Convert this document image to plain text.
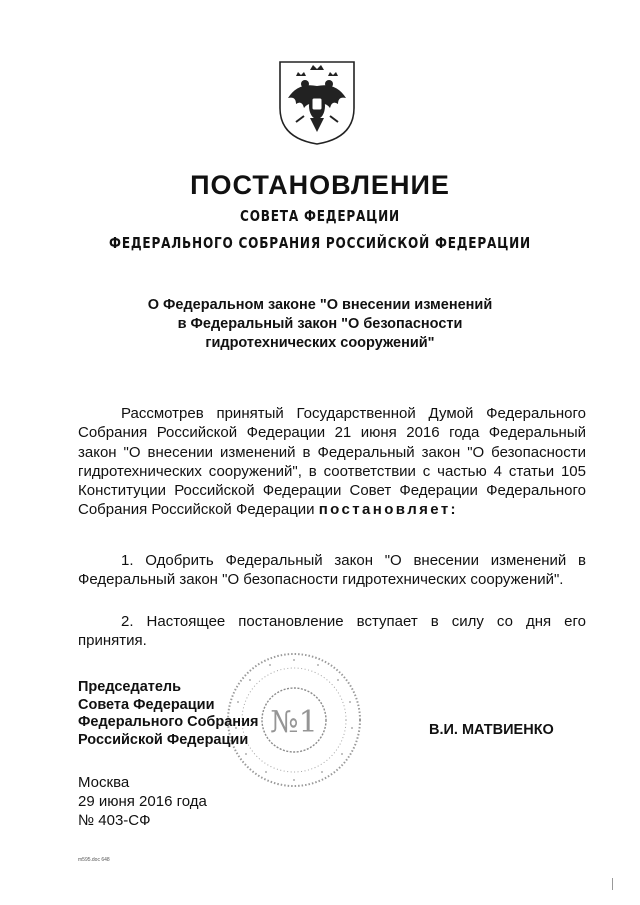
ПОСТАНОВЛЕНИЕ
СОВЕТА ФЕДЕРАЦИИ
ФЕДЕРАЛЬНОГО СОБРАНИЯ РОССИЙСКОЙ ФЕДЕРАЦИИ
О Федеральном законе "О внесении изменений
в Федеральный закон "О безопасности
гидротехнических сооружений"
Рассмотрев принятый Государственной Думой Федерального Собрания Российской Федерации 21 июня 2016 года Федеральный закон "О внесении изменений в Федеральный закон "О безопасности гидротехнических сооружений", в соответствии с частью 4 статьи 105 Конституции Российской Федерации Совет Федерации Федерального Собрания Российской Федерации постановляет:
1. Одобрить Федеральный закон "О внесении изменений в Федеральный закон "О безопасности гидротехнических сооружений".
2. Настоящее постановление вступает в силу со дня его принятия.
№1
Председатель
Совета Федерации
Федерального Собрания
Российской Федерации
В.И. МАТВИЕНКО
Москва
29 июня 2016 года
№ 403-СФ
m595.doc 648
